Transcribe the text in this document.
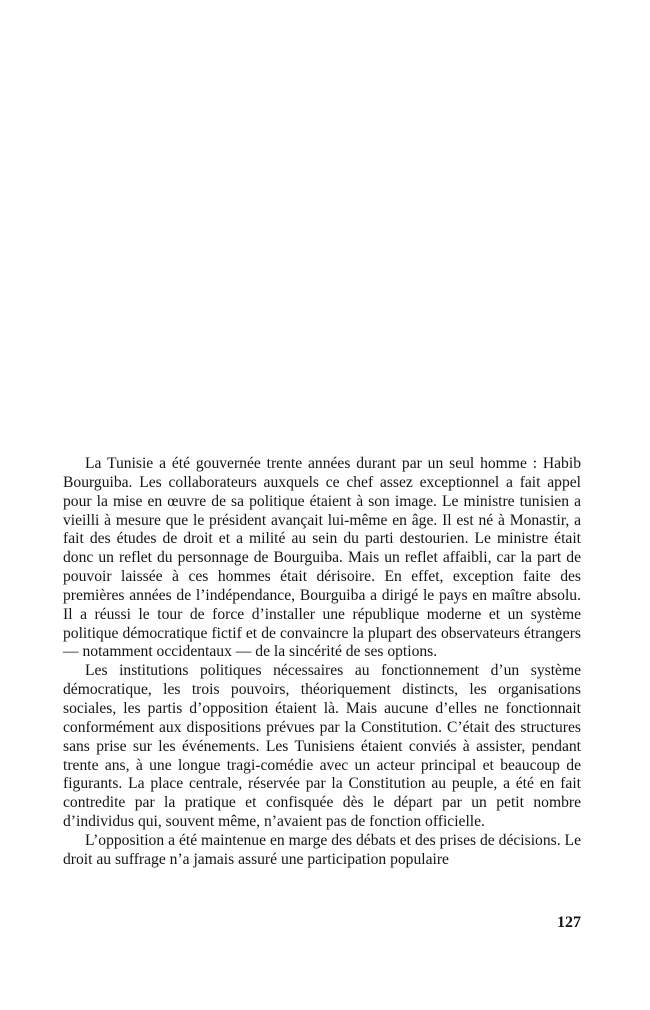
La Tunisie a été gouvernée trente années durant par un seul homme : Habib Bourguiba. Les collaborateurs auxquels ce chef assez exceptionnel a fait appel pour la mise en œuvre de sa politique étaient à son image. Le ministre tunisien a vieilli à mesure que le président avançait lui-même en âge. Il est né à Monastir, a fait des études de droit et a milité au sein du parti destourien. Le ministre était donc un reflet du personnage de Bourguiba. Mais un reflet affaibli, car la part de pouvoir laissée à ces hommes était dérisoire. En effet, exception faite des premières années de l’indépendance, Bourguiba a dirigé le pays en maître absolu. Il a réussi le tour de force d’installer une république moderne et un système politique démocratique fictif et de convaincre la plupart des observateurs étrangers — notamment occidentaux — de la sincérité de ses options.

Les institutions politiques nécessaires au fonctionnement d’un système démocratique, les trois pouvoirs, théoriquement distincts, les organisations sociales, les partis d’opposition étaient là. Mais aucune d’elles ne fonctionnait conformément aux dispositions prévues par la Constitution. C’était des structures sans prise sur les événements. Les Tunisiens étaient conviés à assister, pendant trente ans, à une longue tragi-comédie avec un acteur principal et beaucoup de figurants. La place centrale, réservée par la Constitution au peuple, a été en fait contredite par la pratique et confisquée dès le départ par un petit nombre d’individus qui, souvent même, n’avaient pas de fonction officielle.

L’opposition a été maintenue en marge des débats et des prises de décisions. Le droit au suffrage n’a jamais assuré une participation populaire

127
